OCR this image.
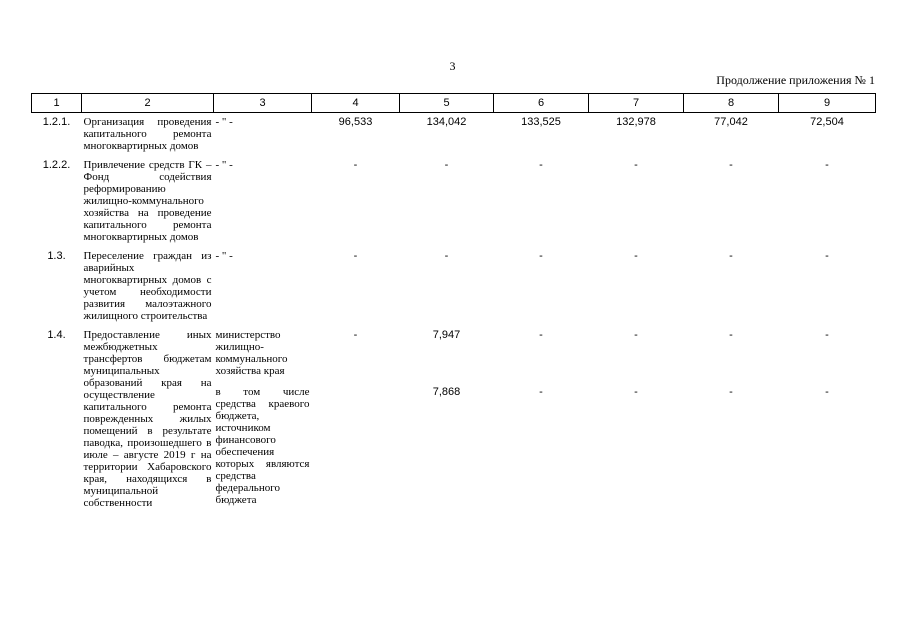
3
Продолжение приложения № 1
1	2	3	4	5	6	7	8	9
1.2.1.	Организация проведения капитального ремонта многоквартирных домов	- " -	96,533	134,042	133,525	132,978	77,042	72,504
1.2.2.	Привлечение средств ГК – Фонд содействия реформированию жилищно-коммунального хозяйства на проведение капитального ремонта многоквартирных домов	- " -	-	-	-	-	-	-
1.3.	Переселение граждан из аварийных многоквартирных домов с учетом необходимости развития малоэтажного жилищного строительства	- " -	-	-	-	-	-	-
1.4.	Предоставление иных межбюджетных трансфертов бюджетам муниципальных образований края на осуществление капитального ремонта поврежденных жилых помещений в результате паводка, произошедшего в июле – августе 2019 г на территории Хабаровского края, находящихся в муниципальной собственности	министерство жилищно-коммунального хозяйства края	-	7,947	-	-	-	-
		в том числе средства краевого бюджета, источником финансового обеспечения которых являются средства федерального бюджета		7,868	-	-	-	-
